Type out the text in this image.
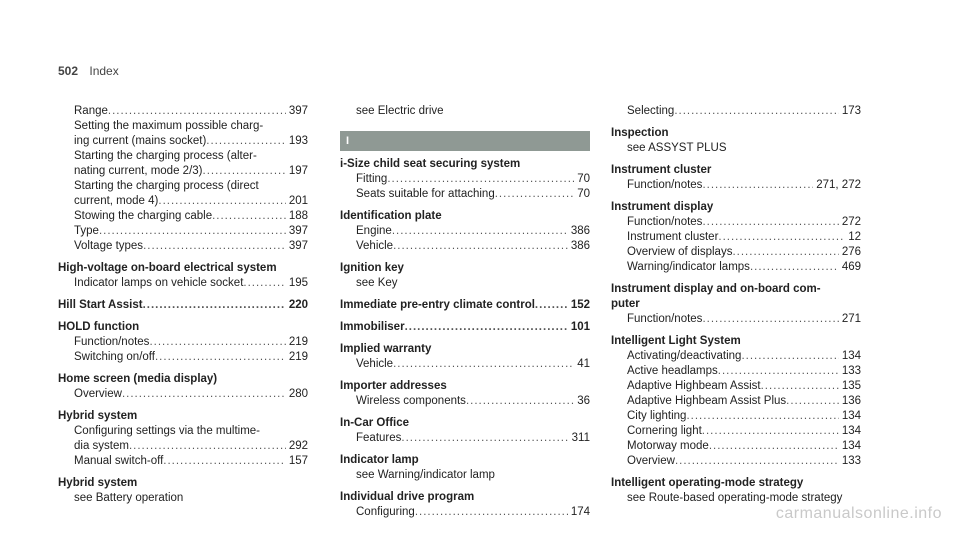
502 Index
Range .....	397
Setting the maximum possible charg-
ing current (mains socket) .....	193
Starting the charging process (alter-
nating current, mode 2/3) .....	197
Starting the charging process (direct
current, mode 4) .....	201
Stowing the charging cable .....	188
Type .....	397
Voltage types .....	397
High-voltage on-board electrical system
Indicator lamps on vehicle socket .....	195
Hill Start Assist .....	220
HOLD function
Function/notes .....	219
Switching on/off .....	219
Home screen (media display)
Overview .....	280
Hybrid system
Configuring settings via the multime-
dia system .....	292
Manual switch-off .....	157
Hybrid system
see Battery operation
see Electric drive
I
i-Size child seat securing system
Fitting .....	70
Seats suitable for attaching .....	70
Identification plate
Engine .....	386
Vehicle .....	386
Ignition key
see Key
Immediate pre-entry climate control .....	152
Immobiliser .....	101
Implied warranty
Vehicle .....	41
Importer addresses
Wireless components .....	36
In-Car Office
Features .....	311
Indicator lamp
see Warning/indicator lamp
Individual drive program
Configuring .....	174
Selecting .....	173
Inspection
see ASSYST PLUS
Instrument cluster
Function/notes .....	271, 272
Instrument display
Function/notes .....	272
Instrument cluster .....	12
Overview of displays .....	276
Warning/indicator lamps .....	469
Instrument display and on-board com-
puter
Function/notes .....	271
Intelligent Light System
Activating/deactivating .....	134
Active headlamps .....	133
Adaptive Highbeam Assist .....	135
Adaptive Highbeam Assist Plus .....	136
City lighting .....	134
Cornering light .....	134
Motorway mode .....	134
Overview .....	133
Intelligent operating-mode strategy
see Route-based operating-mode strategy
carmanualsonline.info
